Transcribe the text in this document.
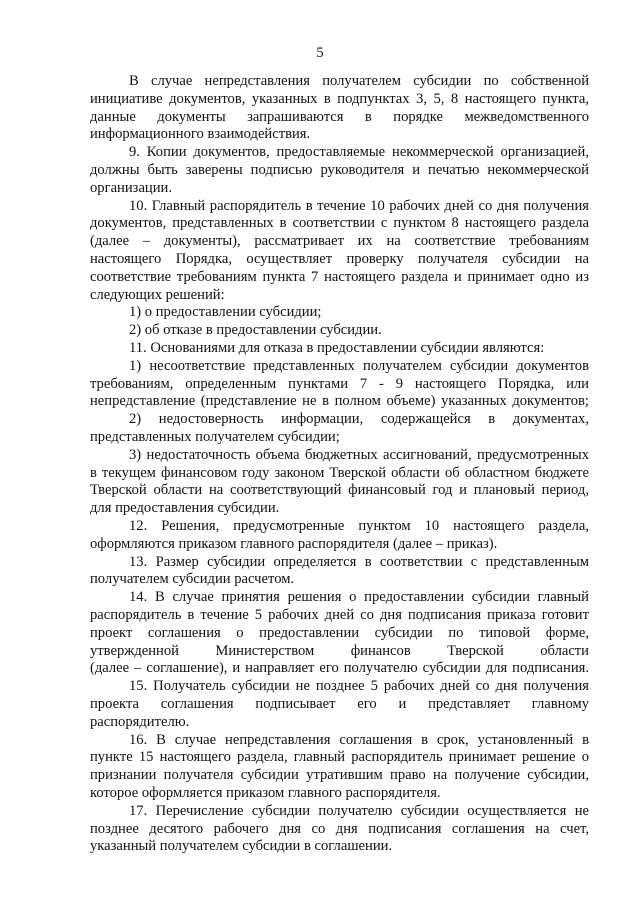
5
В случае непредставления получателем субсидии по собственной
инициативе документов, указанных в подпунктах 3, 5, 8 настоящего пункта,
данные документы запрашиваются в порядке межведомственного
информационного взаимодействия.
9. Копии документов, предоставляемые некоммерческой организацией,
должны быть заверены подписью руководителя и печатью некоммерческой
организации.
10. Главный распорядитель в течение 10 рабочих дней со дня получения
документов, представленных в соответствии с пунктом 8 настоящего раздела
(далее – документы), рассматривает их на соответствие требованиям
настоящего Порядка, осуществляет проверку получателя субсидии на
соответствие требованиям пункта 7 настоящего раздела и принимает одно из
следующих решений:
1) о предоставлении субсидии;
2) об отказе в предоставлении субсидии.
11. Основаниями для отказа в предоставлении субсидии являются:
1) несоответствие представленных получателем субсидии документов
требованиям, определенным пунктами 7 - 9 настоящего Порядка, или
непредставление (представление не в полном объеме) указанных документов;
2) недостоверность информации, содержащейся в документах,
представленных получателем субсидии;
3) недостаточность объема бюджетных ассигнований, предусмотренных
в текущем финансовом году законом Тверской области об областном бюджете
Тверской области на соответствующий финансовый год и плановый период,
для предоставления субсидии.
12. Решения, предусмотренные пунктом 10 настоящего раздела,
оформляются приказом главного распорядителя (далее – приказ).
13. Размер субсидии определяется в соответствии с представленным
получателем субсидии расчетом.
14. В случае принятия решения о предоставлении субсидии главный
распорядитель в течение 5 рабочих дней со дня подписания приказа готовит
проект соглашения о предоставлении субсидии по типовой форме,
утвержденной Министерством финансов Тверской области
(далее – соглашение), и направляет его получателю субсидии для подписания.
15. Получатель субсидии не позднее 5 рабочих дней со дня получения
проекта соглашения подписывает его и представляет главному
распорядителю.
16. В случае непредставления соглашения в срок, установленный в
пункте 15 настоящего раздела, главный распорядитель принимает решение о
признании получателя субсидии утратившим право на получение субсидии,
которое оформляется приказом главного распорядителя.
17. Перечисление субсидии получателю субсидии осуществляется не
позднее десятого рабочего дня со дня подписания соглашения на счет,
указанный получателем субсидии в соглашении.
